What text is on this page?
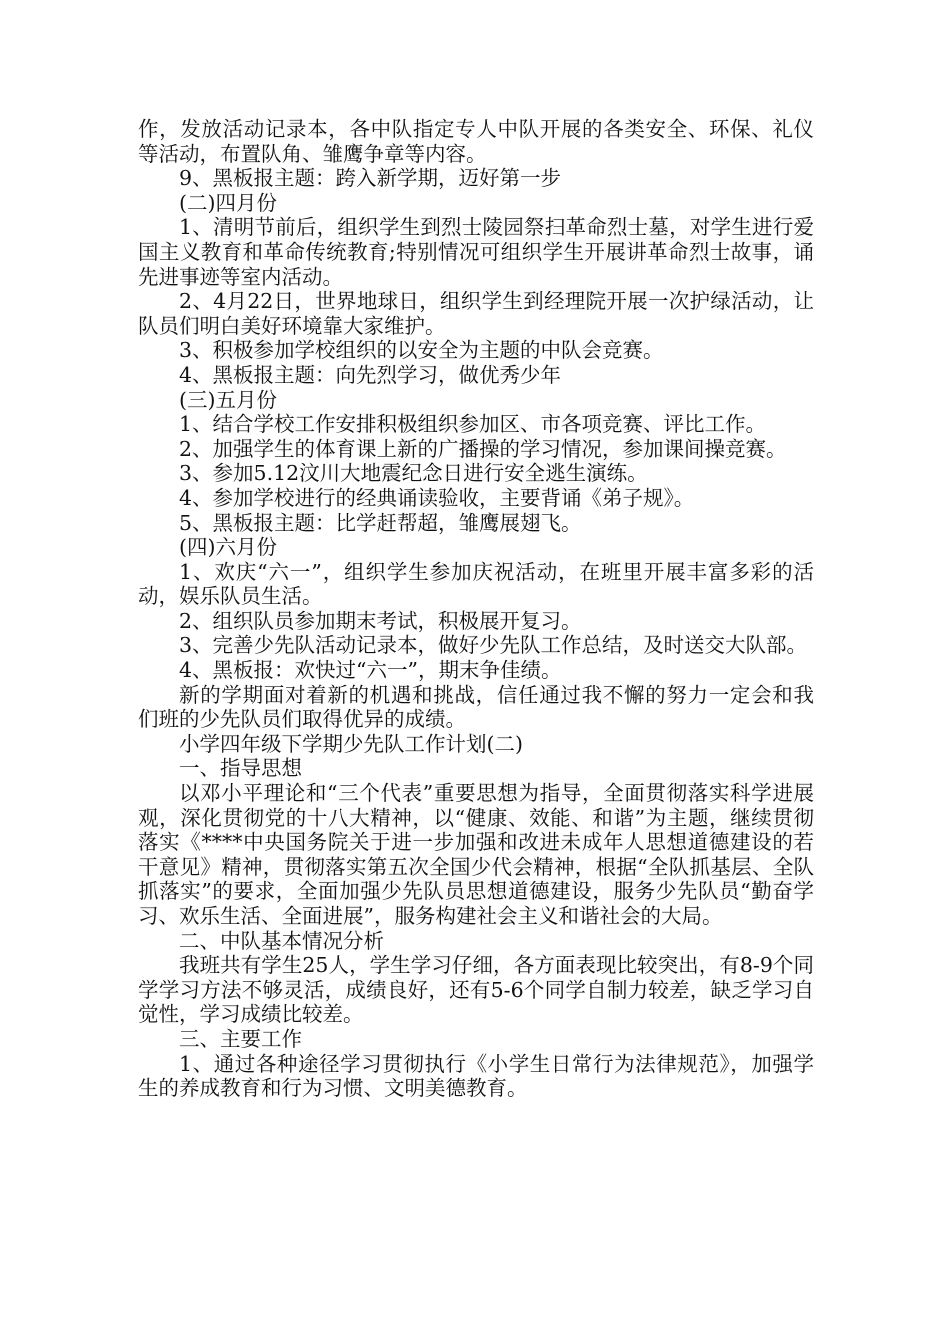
作，发放活动记录本，各中队指定专人中队开展的各类安全、环保、礼仪等活动，布置队角、雏鹰争章等内容。

9、黑板报主题：跨入新学期，迈好第一步

(二)四月份

1、清明节前后，组织学生到烈士陵园祭扫革命烈士墓，对学生进行爱国主义教育和革命传统教育;特别情况可组织学生开展讲革命烈士故事，诵先进事迹等室内活动。

2、4月22日，世界地球日，组织学生到经理院开展一次护绿活动，让队员们明白美好环境靠大家维护。

3、积极参加学校组织的以安全为主题的中队会竞赛。

4、黑板报主题：向先烈学习，做优秀少年

(三)五月份

1、结合学校工作安排积极组织参加区、市各项竞赛、评比工作。

2、加强学生的体育课上新的广播操的学习情况，参加课间操竞赛。

3、参加5.12汶川大地震纪念日进行安全逃生演练。

4、参加学校进行的经典诵读验收，主要背诵《弟子规》。

5、黑板报主题：比学赶帮超，雏鹰展翅飞。

(四)六月份

1、欢庆“六一”，组织学生参加庆祝活动，在班里开展丰富多彩的活动，娱乐队员生活。

2、组织队员参加期末考试，积极展开复习。

3、完善少先队活动记录本，做好少先队工作总结，及时送交大队部。

4、黑板报：欢快过“六一”，期末争佳绩。

新的学期面对着新的机遇和挑战，信任通过我不懈的努力一定会和我们班的少先队员们取得优异的成绩。

小学四年级下学期少先队工作计划(二)

一、指导思想

以邓小平理论和“三个代表”重要思想为指导，全面贯彻落实科学进展观，深化贯彻党的十八大精神，以“健康、效能、和谐”为主题，继续贯彻落实《****中央国务院关于进一步加强和改进未成年人思想道德建设的若干意见》精神，贯彻落实第五次全国少代会精神，根据“全队抓基层、全队抓落实”的要求，全面加强少先队员思想道德建设，服务少先队员“勤奋学习、欢乐生活、全面进展”，服务构建社会主义和谐社会的大局。

二、中队基本情况分析

我班共有学生25人，学生学习仔细，各方面表现比较突出，有8-9个同学学习方法不够灵活，成绩良好，还有5-6个同学自制力较差，缺乏学习自觉性，学习成绩比较差。

三、主要工作

1、通过各种途径学习贯彻执行《小学生日常行为法律规范》，加强学生的养成教育和行为习惯、文明美德教育。
